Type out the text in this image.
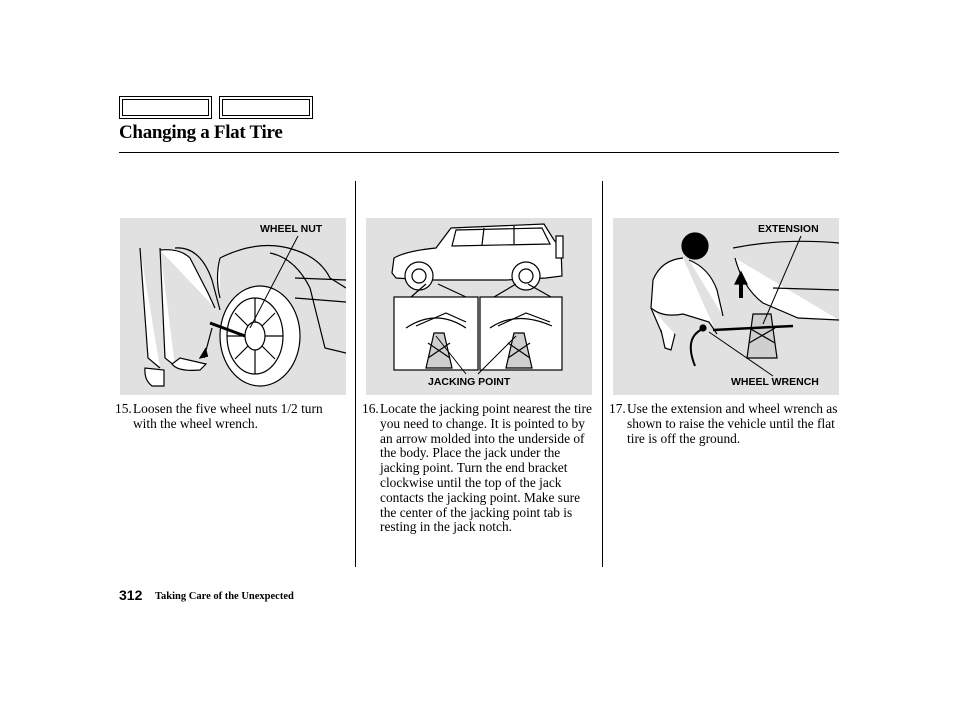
Changing a Flat Tire
WHEEL NUT
JACKING POINT
EXTENSION
WHEEL WRENCH
15. Loosen the five wheel nuts 1/2 turn with the wheel wrench.
16. Locate the jacking point nearest the tire you need to change. It is pointed to by an arrow molded into the underside of the body. Place the jack under the jacking point. Turn the end bracket clockwise until the top of the jack contacts the jacking point. Make sure the center of the jacking point tab is resting in the jack notch.
17. Use the extension and wheel wrench as shown to raise the vehicle until the flat tire is off the ground.
312 Taking Care of the Unexpected
